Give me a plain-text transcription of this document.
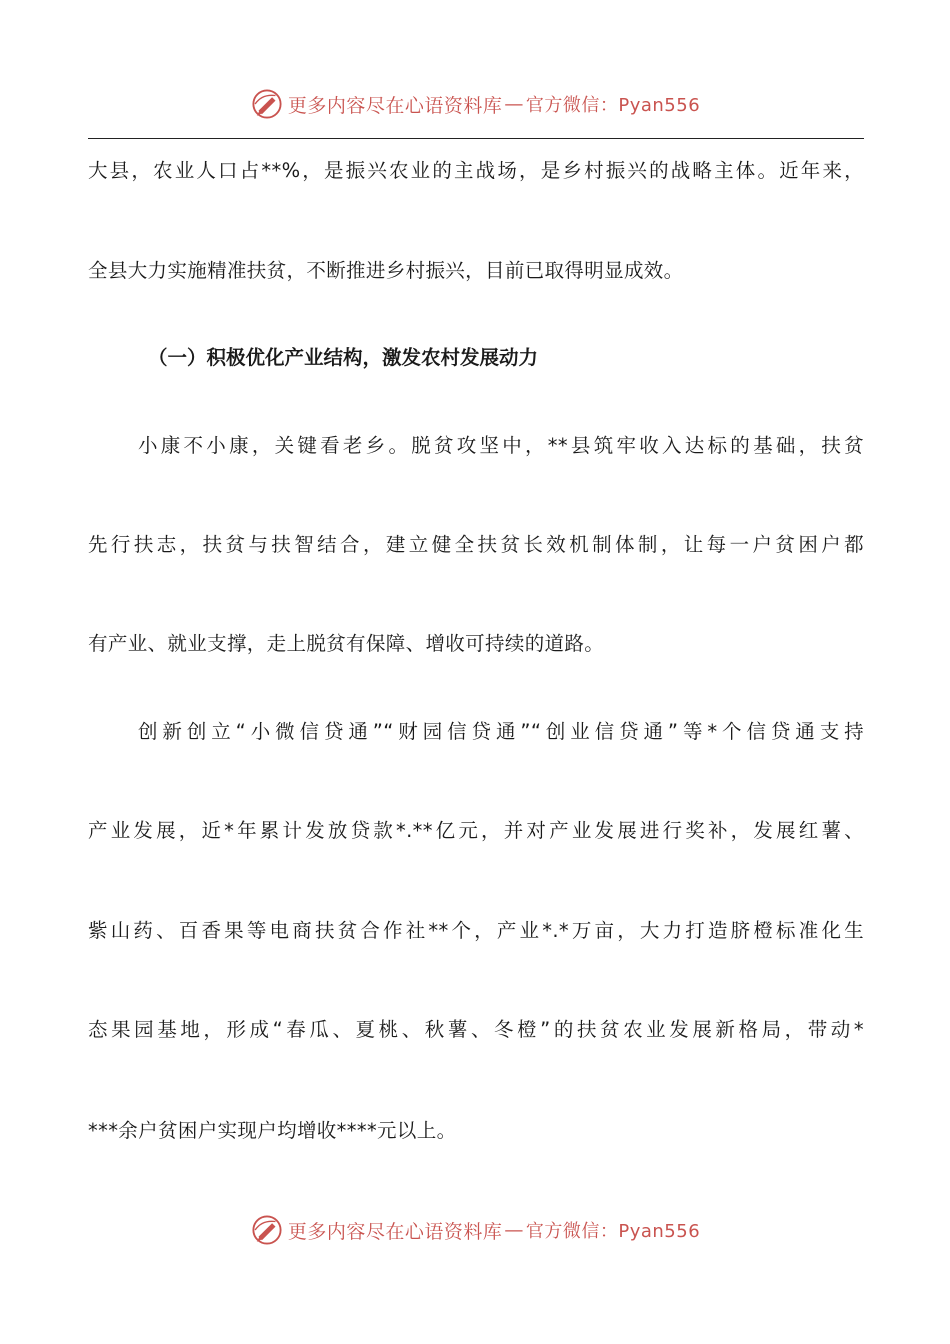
更多内容尽在心语资料库 — 官方微信：Pyan556
大县，农业人口占**%，是振兴农业的主战场，是乡村振兴的战略主体。近年来，
全县大力实施精准扶贫，不断推进乡村振兴，目前已取得明显成效。
（一）积极优化产业结构，激发农村发展动力
小康不小康，关键看老乡。脱贫攻坚中，**县筑牢收入达标的基础，扶贫
先行扶志，扶贫与扶智结合，建立健全扶贫长效机制体制，让每一户贫困户都
有产业、就业支撑，走上脱贫有保障、增收可持续的道路。
创新创立“小微信贷通”“财园信贷通”“创业信贷通”等*个信贷通支持
产业发展，近*年累计发放贷款*.**亿元，并对产业发展进行奖补，发展红薯、
紫山药、百香果等电商扶贫合作社**个，产业*.*万亩，大力打造脐橙标准化生
态果园基地，形成“春瓜、夏桃、秋薯、冬橙”的扶贫农业发展新格局，带动*
***余户贫困户实现户均增收****元以上。
更多内容尽在心语资料库 — 官方微信：Pyan556
